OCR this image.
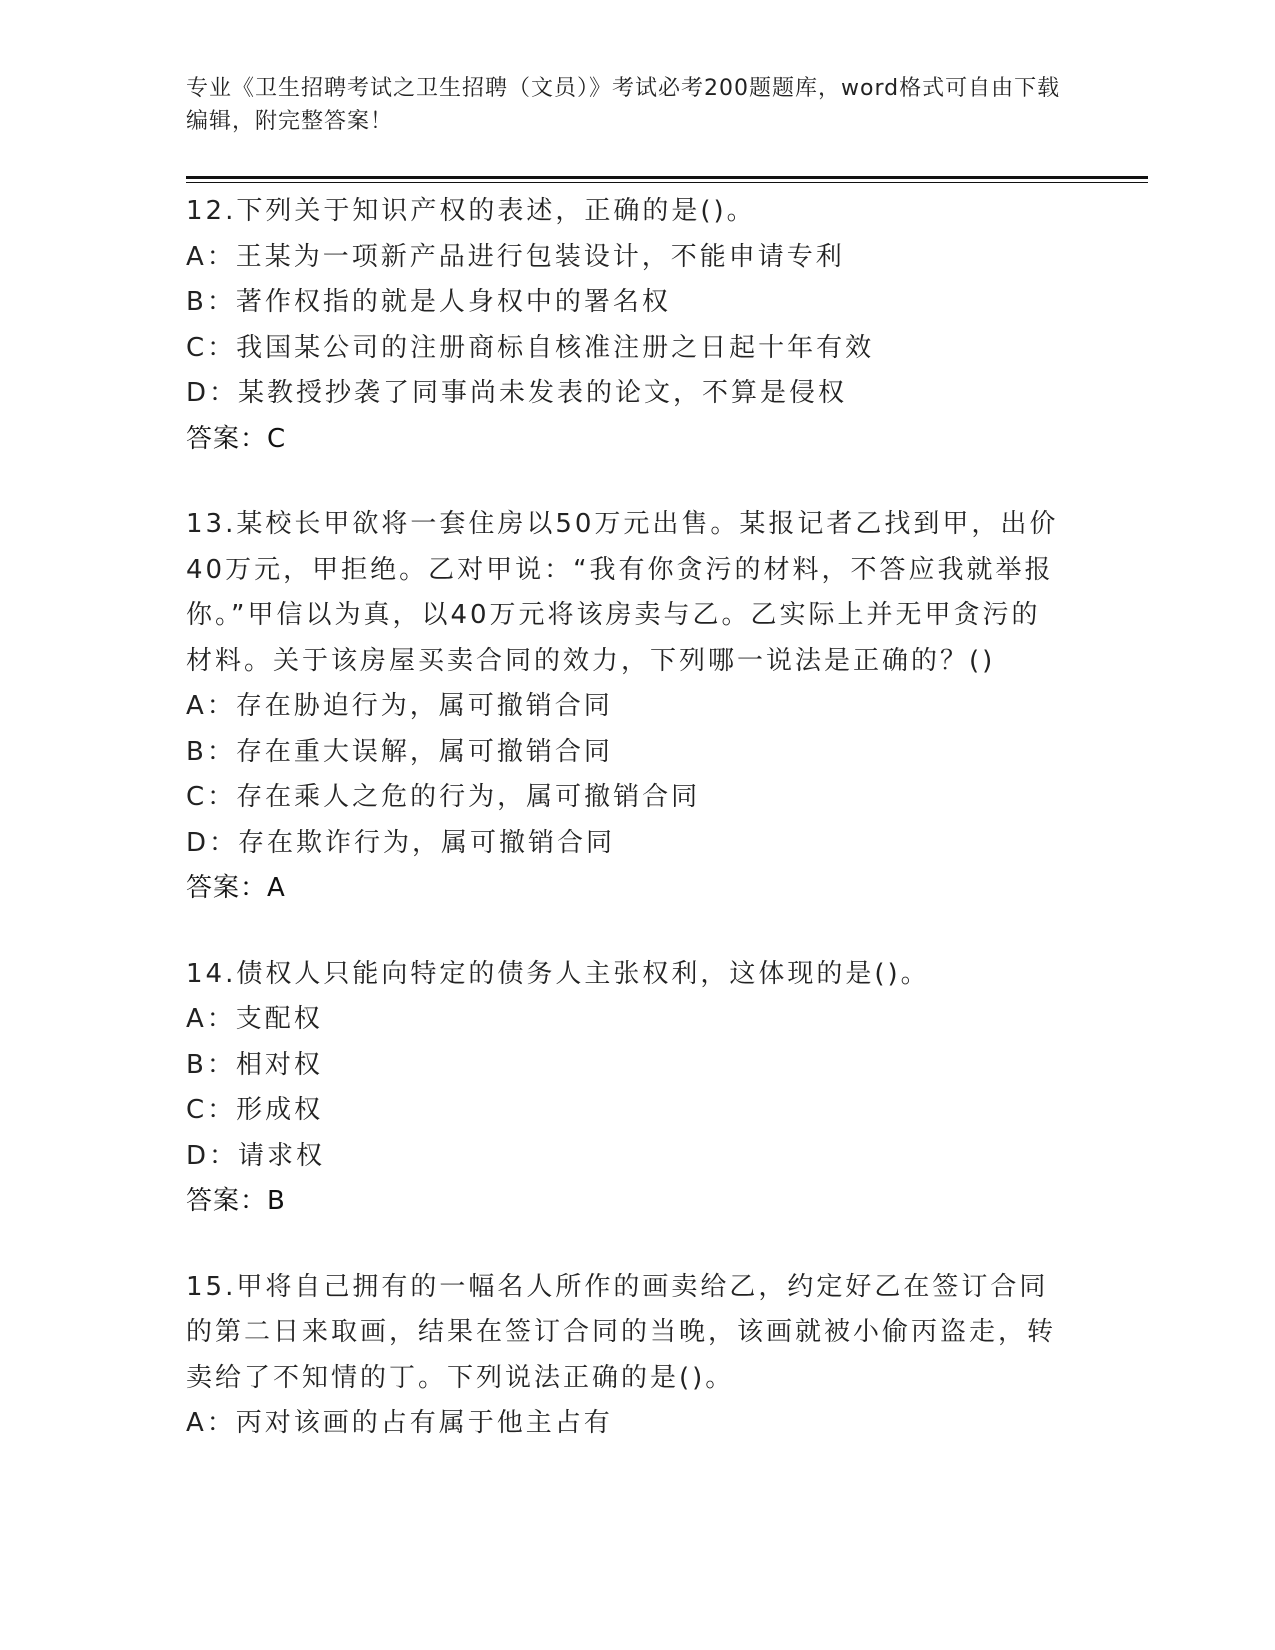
专业《卫生招聘考试之卫生招聘（文员）》考试必考200题题库，word格式可自由下载编辑，附完整答案！

12.下列关于知识产权的表述，正确的是()。

A：王某为一项新产品进行包装设计，不能申请专利

B：著作权指的就是人身权中的署名权

C：我国某公司的注册商标自核准注册之日起十年有效

D：某教授抄袭了同事尚未发表的论文，不算是侵权

答案：C

13.某校长甲欲将一套住房以50万元出售。某报记者乙找到甲，出价40万元，甲拒绝。乙对甲说：“我有你贪污的材料，不答应我就举报你。”甲信以为真，以40万元将该房卖与乙。乙实际上并无甲贪污的材料。关于该房屋买卖合同的效力，下列哪一说法是正确的？()

A：存在胁迫行为，属可撤销合同

B：存在重大误解，属可撤销合同

C：存在乘人之危的行为，属可撤销合同

D：存在欺诈行为，属可撤销合同

答案：A

14.债权人只能向特定的债务人主张权利，这体现的是()。

A：支配权

B：相对权

C：形成权

D：请求权

答案：B

15.甲将自己拥有的一幅名人所作的画卖给乙，约定好乙在签订合同的第二日来取画，结果在签订合同的当晚，该画就被小偷丙盗走，转卖给了不知情的丁。下列说法正确的是()。

A：丙对该画的占有属于他主占有
